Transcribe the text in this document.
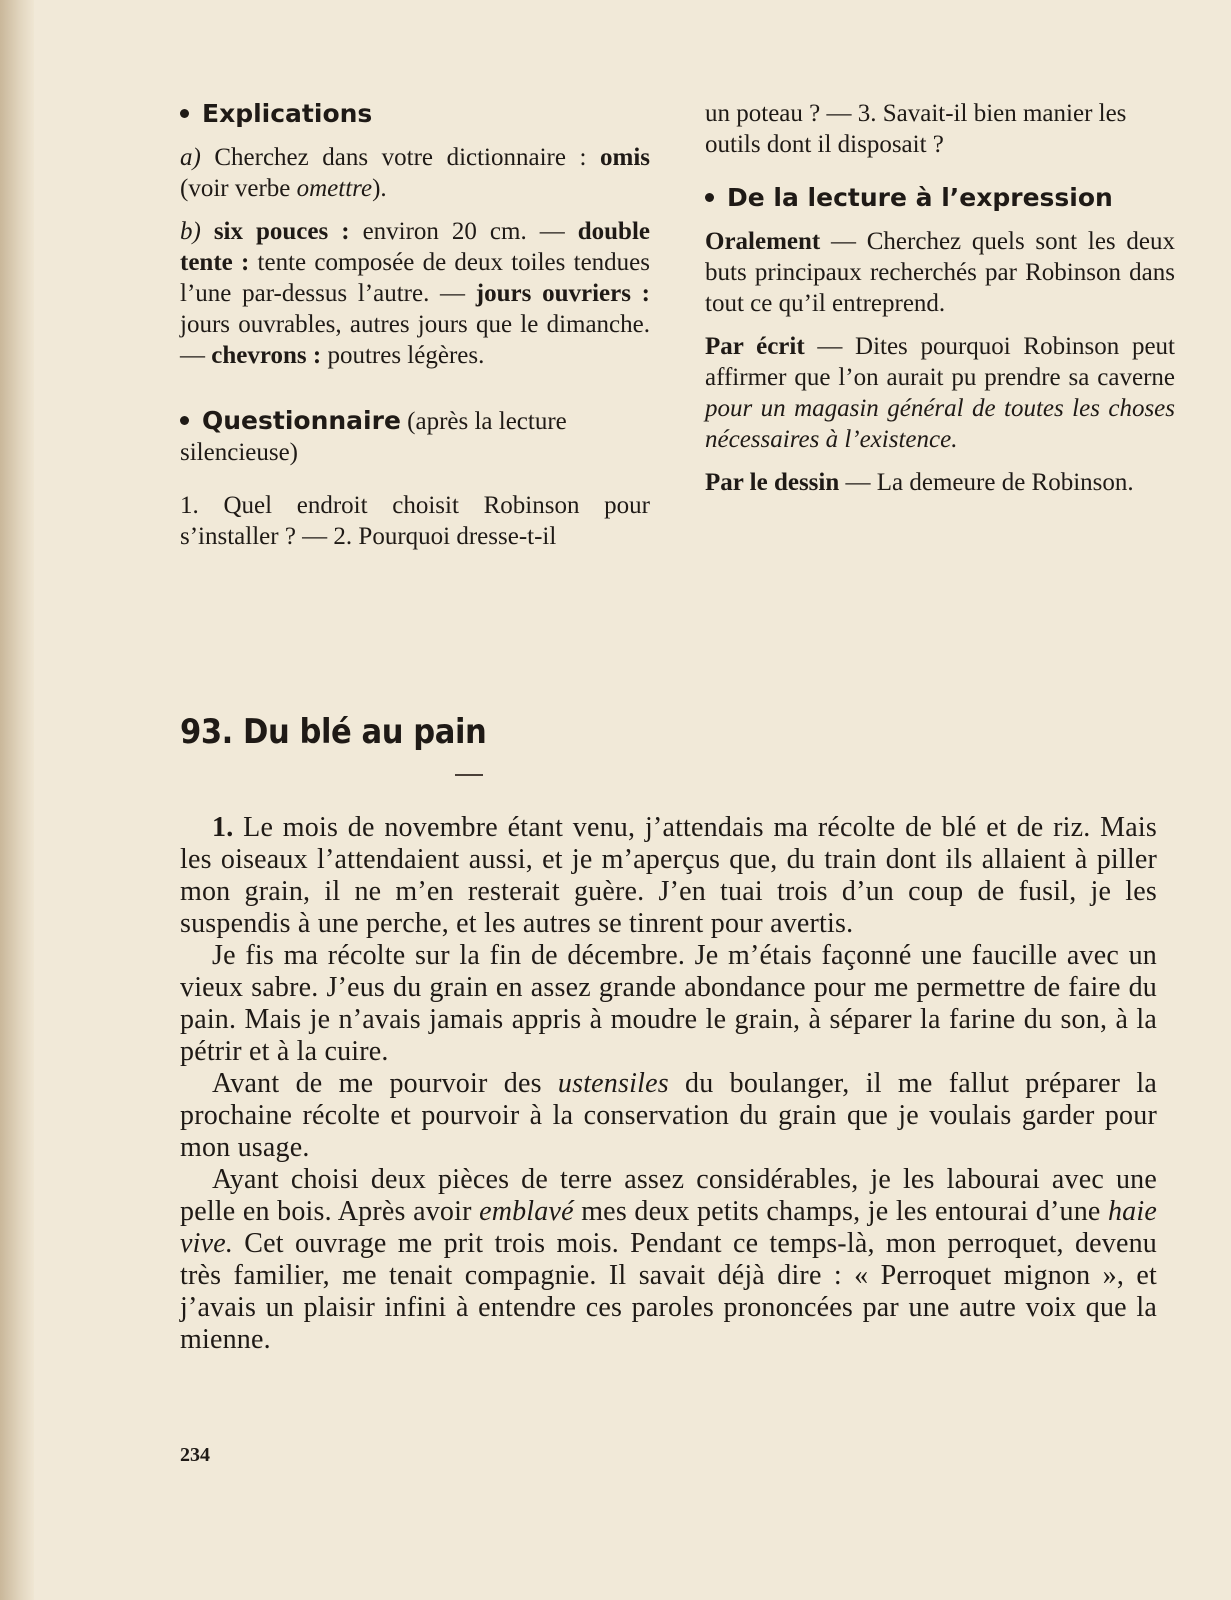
Explications

a) Cherchez dans votre dictionnaire : omis (voir verbe omettre).

b) six pouces : environ 20 cm. — double tente : tente composée de deux toiles tendues l’une par-dessus l’autre. — jours ouvriers : jours ouvrables, autres jours que le dimanche. — chevrons : poutres légères.

Questionnaire (après la lecture silencieuse)

1. Quel endroit choisit Robinson pour s’installer ? — 2. Pourquoi dresse-t-il

un poteau ? — 3. Savait-il bien manier les outils dont il disposait ?

De la lecture à l’expression

Oralement — Cherchez quels sont les deux buts principaux recherchés par Robinson dans tout ce qu’il entreprend.

Par écrit — Dites pourquoi Robinson peut affirmer que l’on aurait pu prendre sa caverne pour un magasin général de toutes les choses nécessaires à l’existence.

Par le dessin — La demeure de Robinson.

93. Du blé au pain

1. Le mois de novembre étant venu, j’attendais ma récolte de blé et de riz. Mais les oiseaux l’attendaient aussi, et je m’aperçus que, du train dont ils allaient à piller mon grain, il ne m’en resterait guère. J’en tuai trois d’un coup de fusil, je les suspendis à une perche, et les autres se tinrent pour avertis.

Je fis ma récolte sur la fin de décembre. Je m’étais façonné une faucille avec un vieux sabre. J’eus du grain en assez grande abondance pour me permettre de faire du pain. Mais je n’avais jamais appris à moudre le grain, à séparer la farine du son, à la pétrir et à la cuire.

Avant de me pourvoir des ustensiles du boulanger, il me fallut préparer la prochaine récolte et pourvoir à la conservation du grain que je voulais garder pour mon usage.

Ayant choisi deux pièces de terre assez considérables, je les labourai avec une pelle en bois. Après avoir emblavé mes deux petits champs, je les entourai d’une haie vive. Cet ouvrage me prit trois mois. Pendant ce temps-là, mon perroquet, devenu très familier, me tenait compagnie. Il savait déjà dire : « Perroquet mignon », et j’avais un plaisir infini à entendre ces paroles prononcées par une autre voix que la mienne.

234
